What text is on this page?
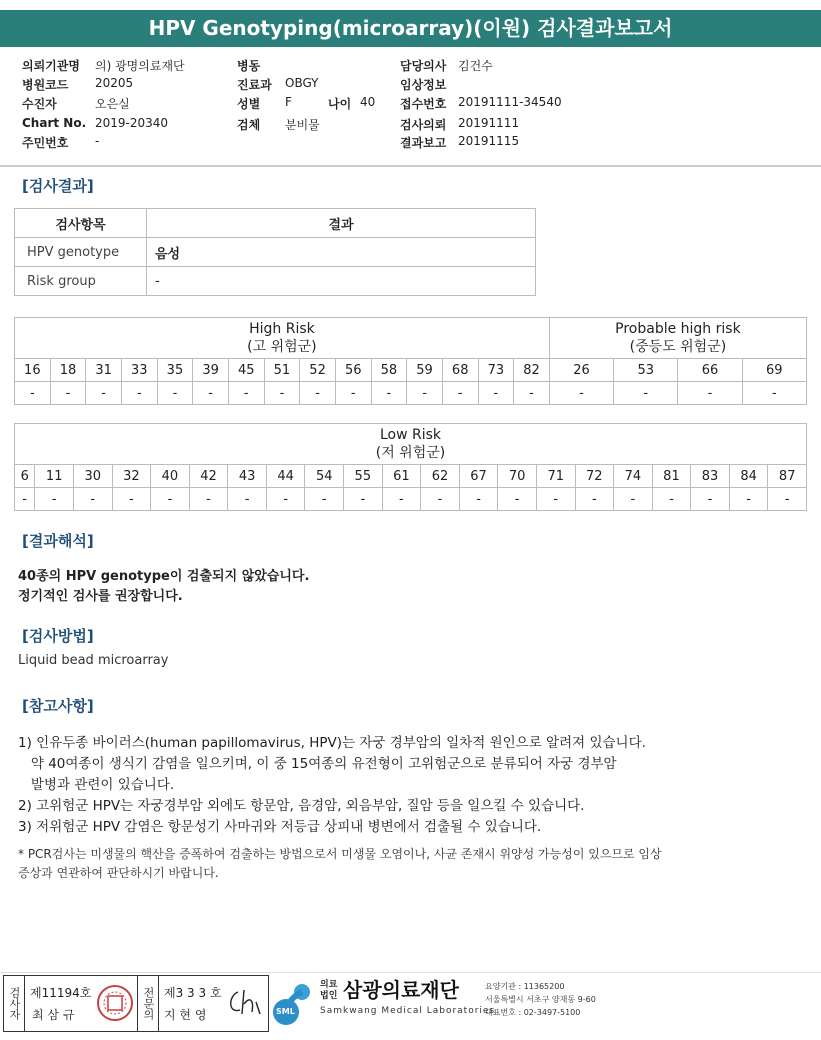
HPV Genotyping(microarray)(이원) 검사결과보고서
의뢰기관명 의) 광명의료재단
병원코드 20205
수진자	오은실
Chart No. 2019-20340
주민번호 -
병동
진료과 OBGY
성별 F
검체 분비물
담당의사 김건수
임상정보
접수번호 20191111-34540
검사의뢰 20191111
결과보고 20191115
나이 40
[검사결과]
검사항목	결과
HPV genotype	음성
Risk group	-
High Risk
(고 위험군)															Probable high risk
(중등도 위험군)			
16	18	31	33	35	39	45	51	52	56	58	59	68	73	82	26	53	66	69
-	-	-	-	-	-	-	-	-	-	-	-	-	-	-	-	-	-	-
Low Risk
(저 위험군)																				
6	11	30	32	40	42	43	44	54	55	61	62	67	70	71	72	74	81	83	84	87
-	-	-	-	-	-	-	-	-	-	-	-	-	-	-	-	-	-	-	-	-
[결과해석]
40종의 HPV genotype이 검출되지 않았습니다.
정기적인 검사를 권장합니다.
[검사방법]
Liquid bead microarray
[참고사항]
1) 인유두종 바이러스(human papillomavirus, HPV)는 자궁 경부암의 일차적 원인으로 알려져 있습니다.
약 40여종이 생식기 감염을 일으키며, 이 중 15여종의 유전형이 고위험군으로 분류되어 자궁 경부암
발병과 관련이 있습니다.
2) 고위험군 HPV는 자궁경부암 외에도 항문암, 음경암, 외음부암, 질암 등을 일으킬 수 있습니다.
3) 저위험군 HPV 감염은 항문성기 사마귀와 저등급 상피내 병변에서 검출될 수 있습니다.
* PCR검사는 미생물의 핵산을 증폭하여 검출하는 방법으로서 미생물 오염이나, 사균 존재시 위양성 가능성이 있으므로 임상
증상과 연관하여 판단하시기 바랍니다.
검사자 제11194호
최 삼 규	전문의 제3 3 3 호
지 현 영	SML
의료
법인 삼광의료재단
Samkwang Medical Laboratories
요양기관 : 11365200
서울특별시 서초구 양재동 9-60
대표번호 : 02-3497-5100
